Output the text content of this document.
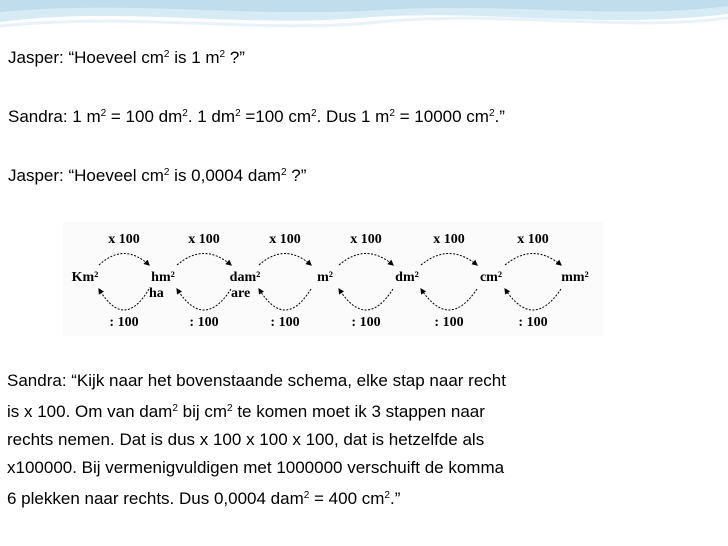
Jasper: “Hoeveel $cm^2$ is 1 $m^2$ ?”
Sandra: 1 $m^2 = 100$ $dm^2$. 1 $dm^2 =100$ $cm^2$. Dus 1 $m^2 = 10000$ $cm^2$.”
Jasper: “Hoeveel $cm^2$ is 0,0004 dam$^2$ ?”
Km²	hm²
ha
dam²
are
m²	dm²	cm²	mm²
x 100
: 100
x 100
: 100
x 100
: 100
x 100
: 100
x 100
: 100
x 100
: 100
Sandra: “Kijk naar het bovenstaande schema, elke stap naar recht
is x 100. Om van dam$^2$ bij $cm^2$ te komen moet ik 3 stappen naar
rechts nemen. Dat is dus x 100 x 100 x 100, dat is hetzelfde als
x100000. Bij vermenigvuldigen met 1000000 verschuift de komma
6 plekken naar rechts. Dus 0,0004 dam$^2$ = 400 $cm^2$.”
